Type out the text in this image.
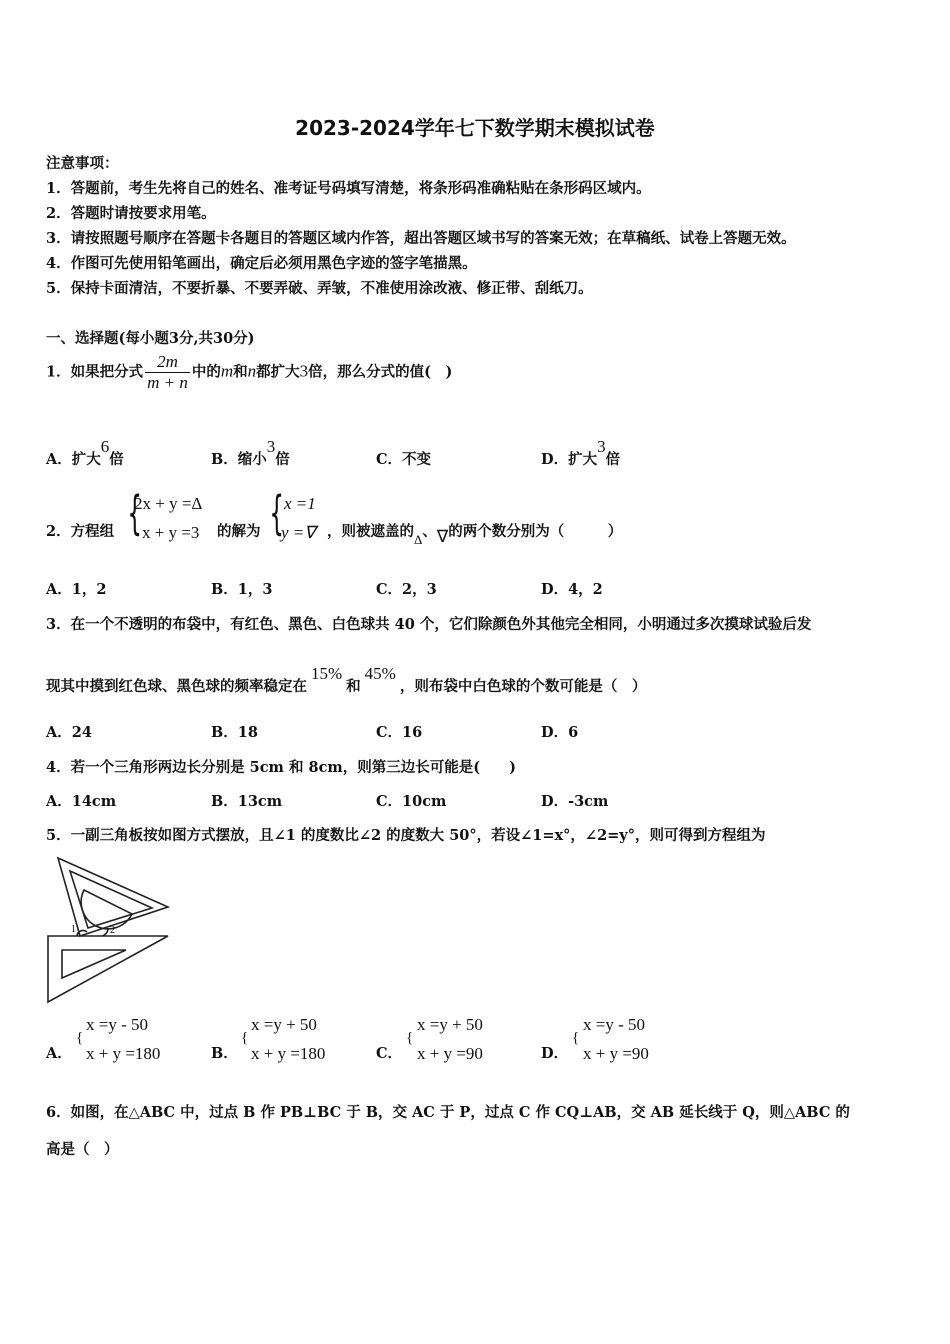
2023-2024学年七下数学期末模拟试卷
注意事项：
1．答题前，考生先将自己的姓名、准考证号码填写清楚，将条形码准确粘贴在条形码区域内。
2．答题时请按要求用笔。
3．请按照题号顺序在答题卡各题目的答题区域内作答，超出答题区域书写的答案无效；在草稿纸、试卷上答题无效。
4．作图可先使用铅笔画出，确定后必须用黑色字迹的签字笔描黑。
5．保持卡面清洁，不要折暴、不要弄破、弄皱，不准使用涂改液、修正带、刮纸刀。
一、选择题(每小题3分,共30分)
1．如果把分式 $\frac{2m}{m + n}$ 中的m和n都扩大3倍，那么分式的值(　)
A．扩大6倍	B．缩小3倍	C．不变	D．扩大3倍
2．方程组 {
2x + y =Δ
x + y =3 的解为 { x =1
y =∇ ，则被遮盖的Δ、∇的两个数分别为（　　　）
A．1，2	B．1，3	C．2，3	D．4，2
3．在一个不透明的布袋中，有红色、黑色、白色球共 40 个，它们除颜色外其他完全相同，小明通过多次摸球试验后发
现其中摸到红色球、黑色球的频率稳定在15%和45%，则布袋中白色球的个数可能是（　）
A．24	B．18	C．16	D．6
4．若一个三角形两边长分别是 5cm 和 8cm，则第三边长可能是(　　)
A．14cm	B．13cm	C．10cm	D．-3cm
5．一副三角板按如图方式摆放，且∠1 的度数比∠2 的度数大 50°，若设∠1=x°，∠2=y°，则可得到方程组为
1	2
A．
{
x =y - 50
x + y =180	B．
{
x =y + 50
x + y =180	C．
{
x =y + 50
x + y =90	D．
{
x =y - 50
x + y =90
6．如图，在△ABC 中，过点 B 作 PB⊥BC 于 B，交 AC 于 P，过点 C 作 CQ⊥AB，交 AB 延长线于 Q，则△ABC 的
高是（　）
